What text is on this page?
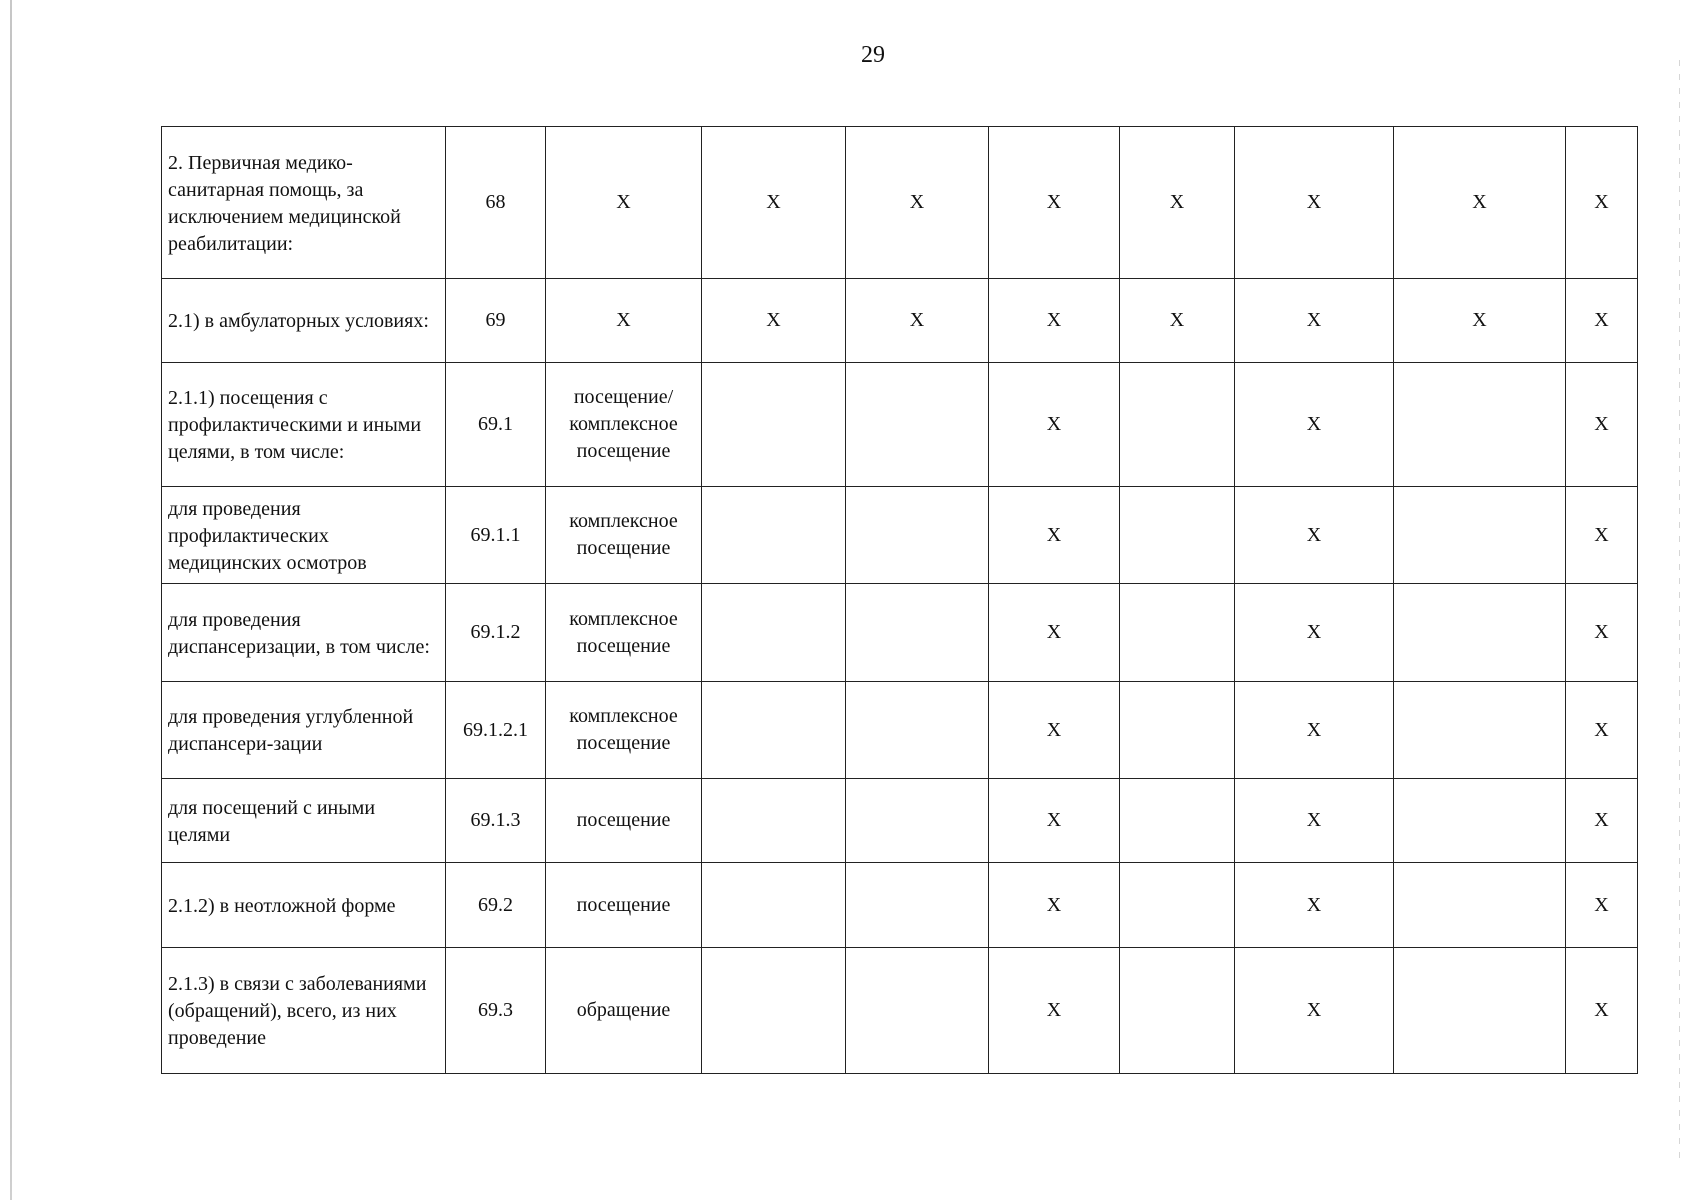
29
2. Первичная медико-санитарная помощь, за исключением медицинской реабилитации:	68	X	X	X	X	X	X	X	X
2.1) в амбулаторных условиях:	69	X	X	X	X	X	X	X	X
2.1.1) посещения с профилактическими и иными целями, в том числе:	69.1	посещение/ комплексное посещение			X		X		X
для проведения профилактических медицинских осмотров	69.1.1	комплексное посещение			X		X		X
для проведения диспансеризации, в том числе:	69.1.2	комплексное посещение			X		X		X
для проведения углубленной диспансери-зации	69.1.2.1	комплексное посещение			X		X		X
для посещений с иными целями	69.1.3	посещение			X		X		X
2.1.2) в неотложной форме	69.2	посещение			X		X		X
2.1.3) в связи с заболеваниями (обращений), всего, из них проведение	69.3	обращение			X		X		X
